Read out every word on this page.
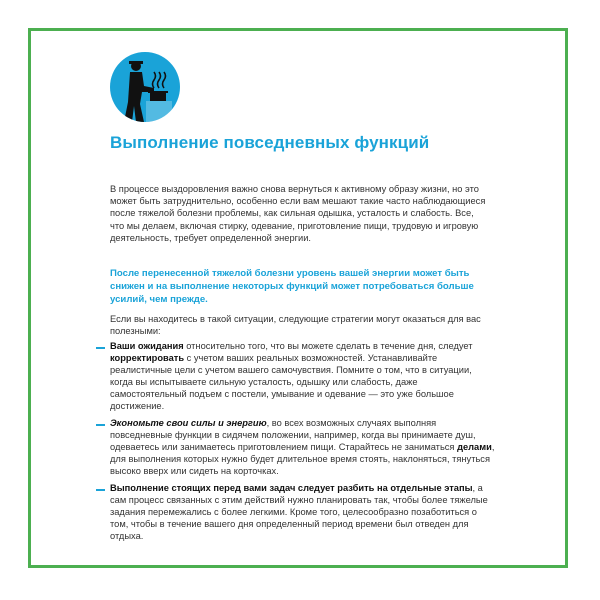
Выполнение повседневных функций

В процессе выздоровления важно снова вернуться к активному образу жизни, но это может быть затруднительно, особенно если вам мешают такие часто наблюдающиеся после тяжелой болезни проблемы, как сильная одышка, усталость и слабость. Все, что мы делаем, включая стирку, одевание, приготовление пищи, трудовую и игровую деятельность, требует определенной энергии.

После перенесенной тяжелой болезни уровень вашей энергии может быть снижен и на выполнение некоторых функций может потребоваться больше усилий, чем прежде.

Если вы находитесь в такой ситуации, следующие стратегии могут оказаться для вас полезными:

Ваши ожидания относительно того, что вы можете сделать в течение дня, следует корректировать с учетом ваших реальных возможностей. Устанавливайте реалистичные цели с учетом вашего самочувствия. Помните о том, что в ситуации, когда вы испытываете сильную усталость, одышку или слабость, даже самостоятельный подъем с постели, умывание и одевание — это уже большое достижение.
Экономьте свои силы и энергию, во всех возможных случаях выполняя повседневные функции в сидячем положении, например, когда вы принимаете душ, одеваетесь или занимаетесь приготовлением пищи. Старайтесь не заниматься делами, для выполнения которых нужно будет длительное время стоять, наклоняться, тянуться высоко вверх или сидеть на корточках.
Выполнение стоящих перед вами задач следует разбить на отдельные этапы, а сам процесс связанных с этим действий нужно планировать так, чтобы более тяжелые задания перемежались с более легкими. Кроме того, целесообразно позаботиться о том, чтобы в течение вашего дня определенный период времени был отведен для отдыха.
